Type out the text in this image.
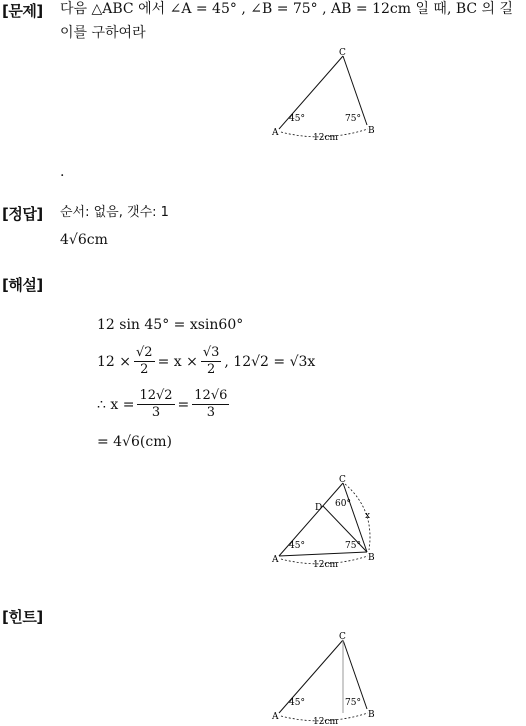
[문제]
[정답]
[해설]
[힌트]
다음 △ABC 에서 ∠A = 45° , ∠B = 75° , AB = 12cm 일 때, BC 의 길
이를 구하여라
C
A	B
45°	75°
12cm
.
순서: 없음, 갯수: 1
4√6cm
12 sin 45° = xsin60°
$12 \times \frac{√2}{2} = x \times \frac{√3}{2}$ , 12√2 = √3x
∴ $x = \frac{12√2}{3} = \frac{12√6}{3}$
= 4√6(cm)
C
D
A	B
45°	75°
60°
x
12cm
C
A	B
45°	75°
12cm
